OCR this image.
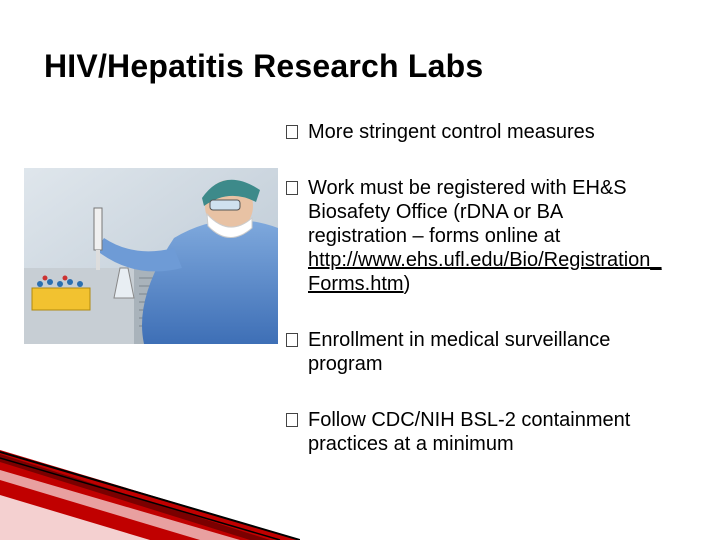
HIV/Hepatitis Research Labs
More stringent control measures
Work must be registered with EH&S
Biosafety Office (rDNA or BA
registration – forms online at
http://www.ehs.ufl.edu/Bio/Registration_
Forms.htm)
Enrollment in medical surveillance
program
Follow CDC/NIH BSL-2 containment
practices at a minimum
